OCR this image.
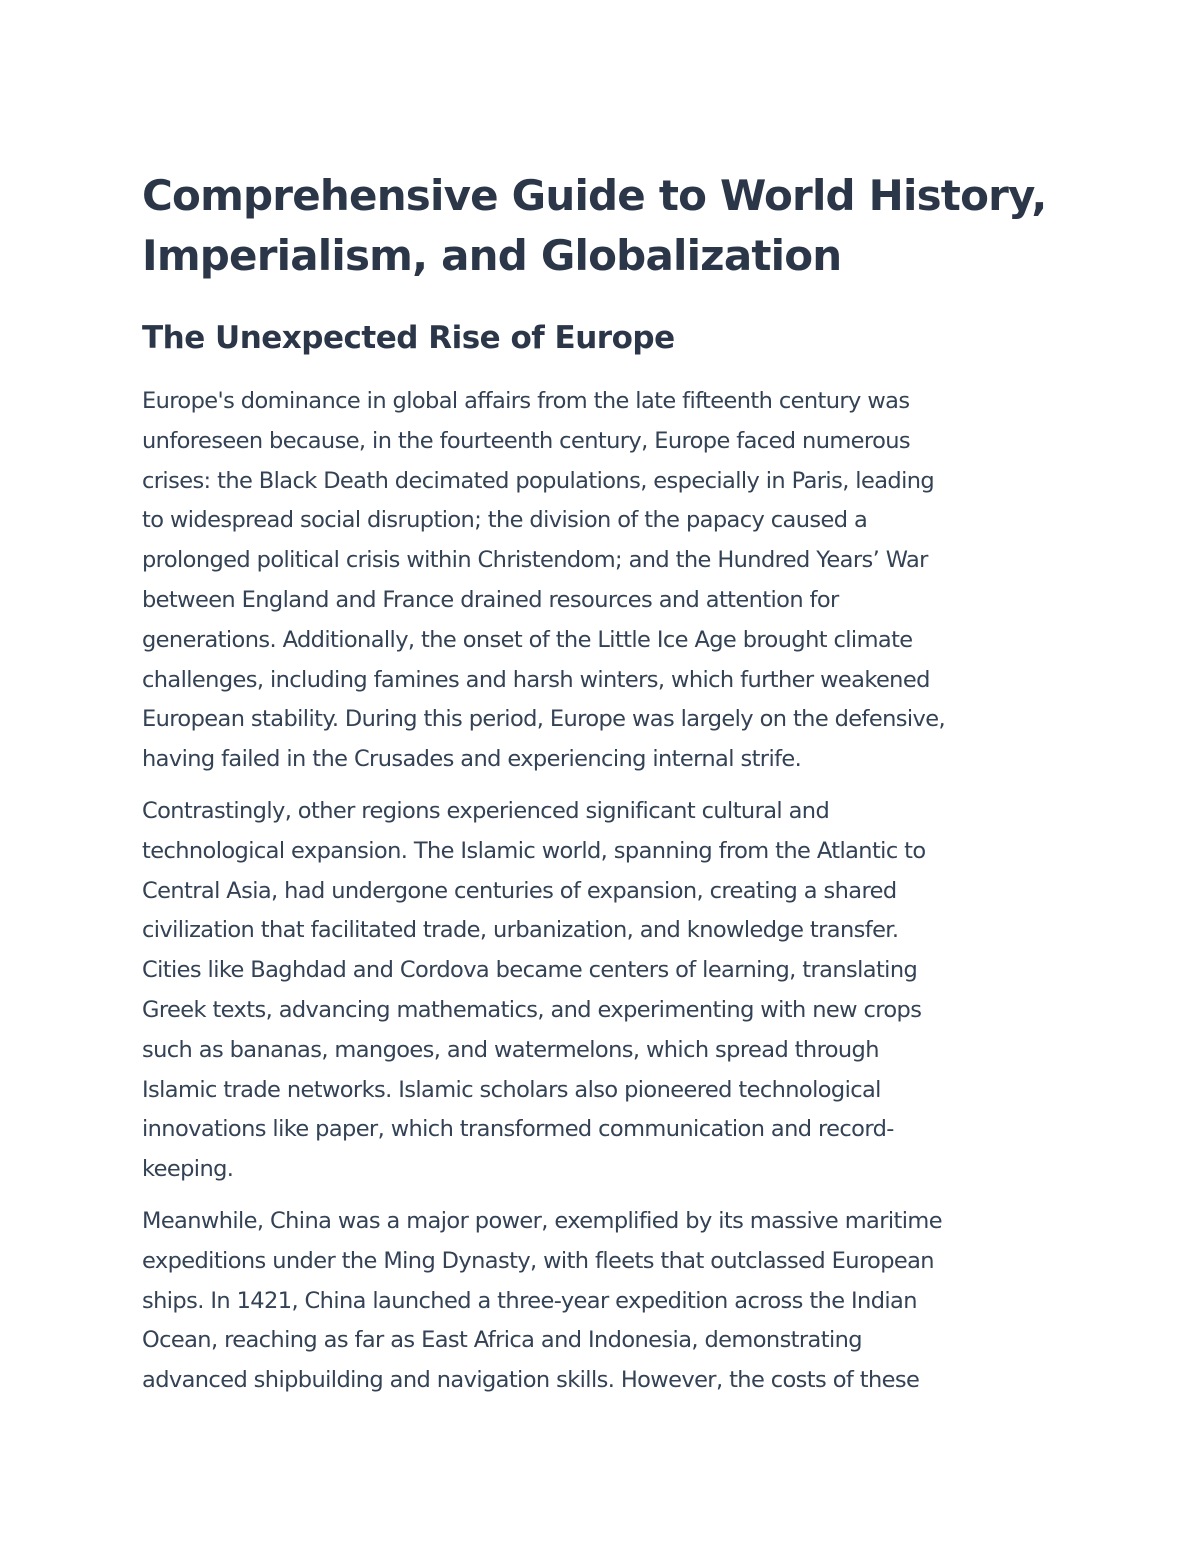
Comprehensive Guide to World History,
Imperialism, and Globalization
The Unexpected Rise of Europe

Europe's dominance in global affairs from the late fifteenth century was
unforeseen because, in the fourteenth century, Europe faced numerous
crises: the Black Death decimated populations, especially in Paris, leading
to widespread social disruption; the division of the papacy caused a
prolonged political crisis within Christendom; and the Hundred Years’ War
between England and France drained resources and attention for
generations. Additionally, the onset of the Little Ice Age brought climate
challenges, including famines and harsh winters, which further weakened
European stability. During this period, Europe was largely on the defensive,
having failed in the Crusades and experiencing internal strife.

Contrastingly, other regions experienced significant cultural and
technological expansion. The Islamic world, spanning from the Atlantic to
Central Asia, had undergone centuries of expansion, creating a shared
civilization that facilitated trade, urbanization, and knowledge transfer.
Cities like Baghdad and Cordova became centers of learning, translating
Greek texts, advancing mathematics, and experimenting with new crops
such as bananas, mangoes, and watermelons, which spread through
Islamic trade networks. Islamic scholars also pioneered technological
innovations like paper, which transformed communication and record-
keeping.

Meanwhile, China was a major power, exemplified by its massive maritime
expeditions under the Ming Dynasty, with fleets that outclassed European
ships. In 1421, China launched a three-year expedition across the Indian
Ocean, reaching as far as East Africa and Indonesia, demonstrating
advanced shipbuilding and navigation skills. However, the costs of these
